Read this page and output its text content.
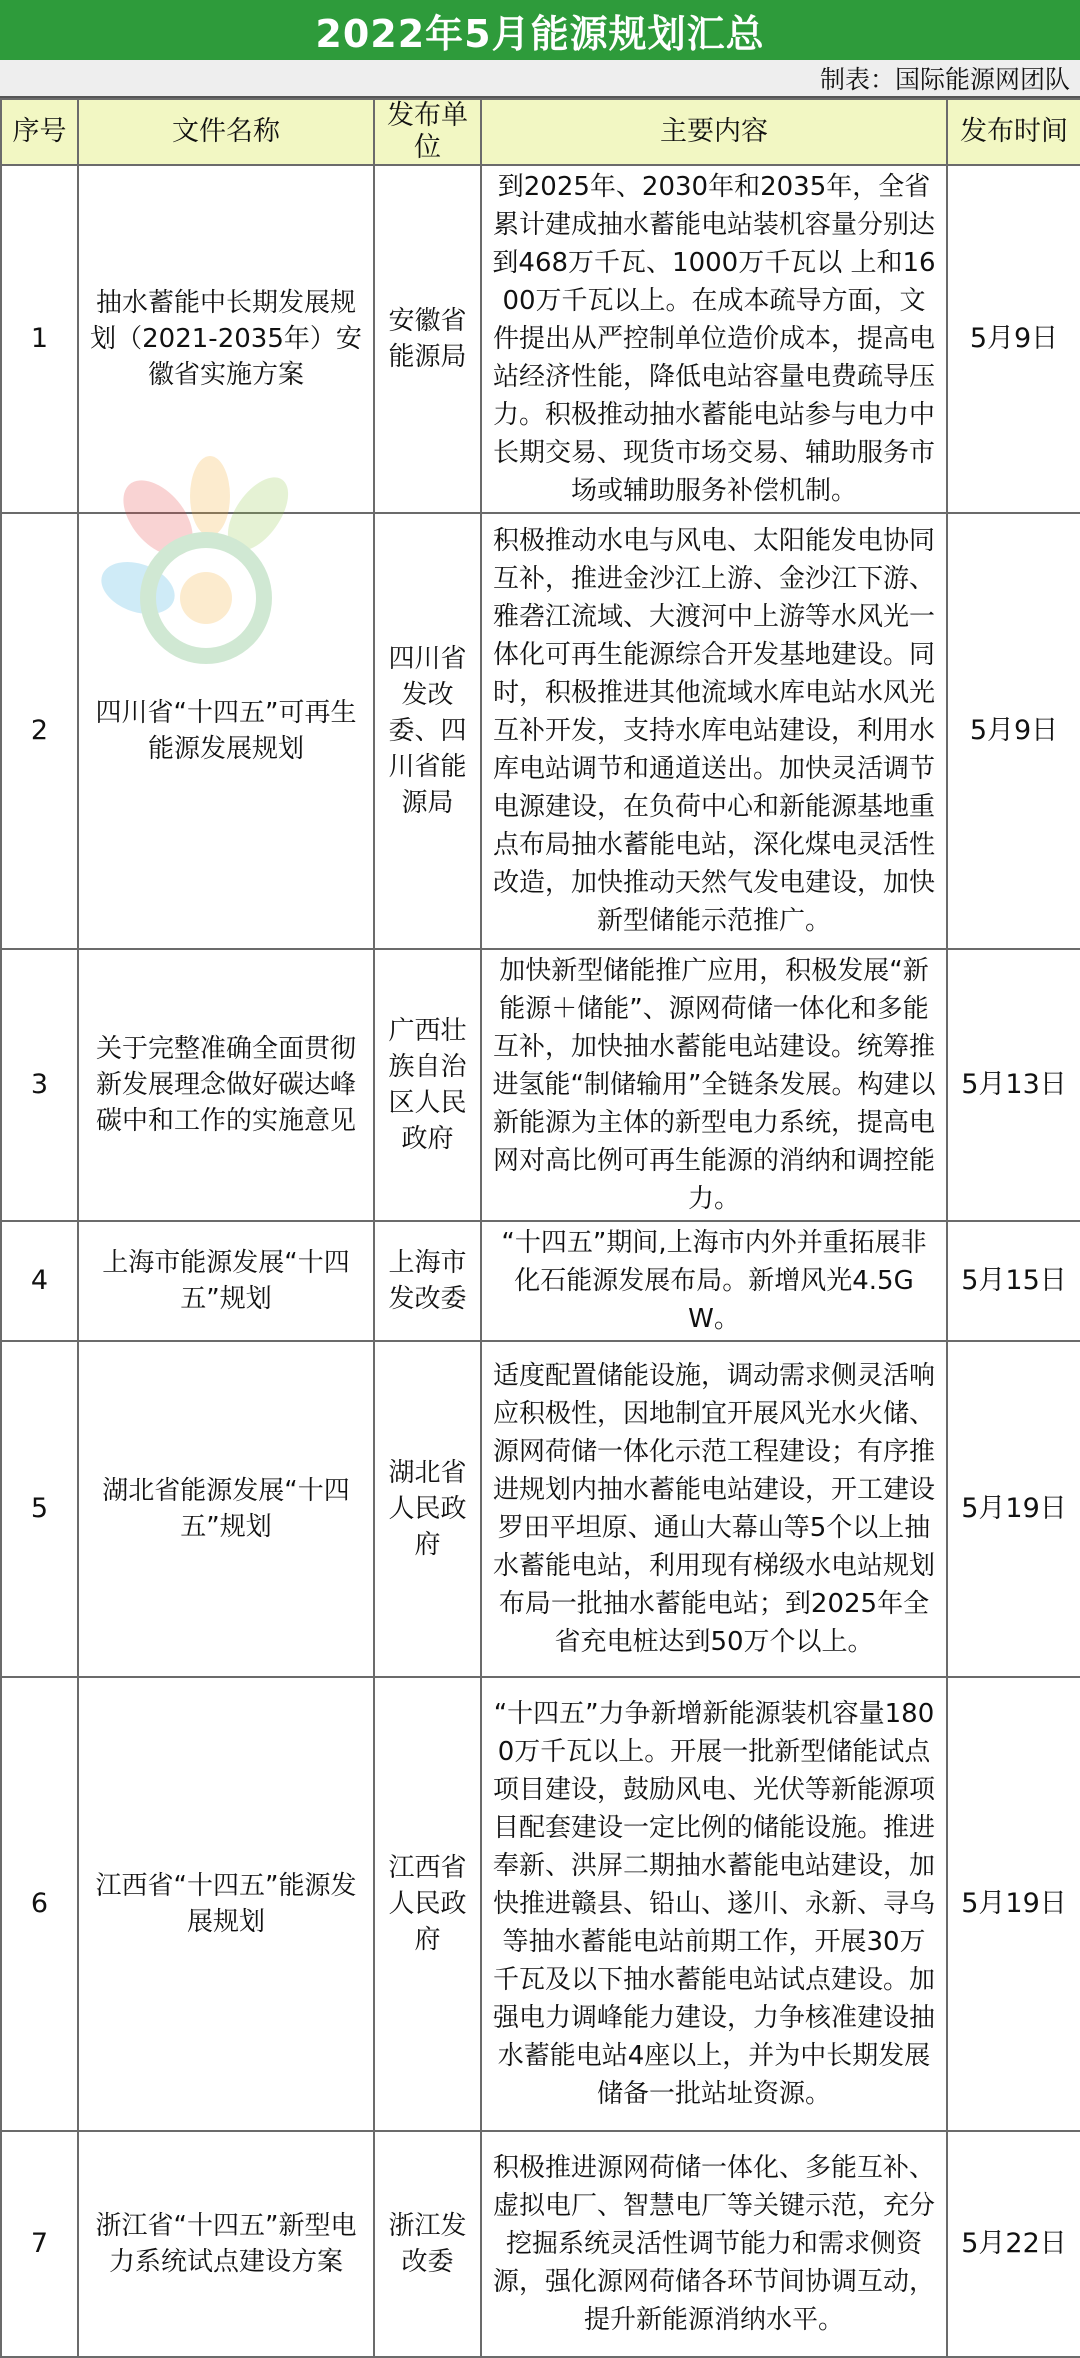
2022年5月能源规划汇总
制表：国际能源网团队
序号	文件名称	发布单位	主要内容	发布时间
1	抽水蓄能中长期发展规划（2021-2035年）安徽省实施方案	安徽省能源局	到2025年、2030年和2035年，全省累计建成抽水蓄能电站装机容量分别达到468万千瓦、1000万千瓦以 上和1600万千瓦以上。在成本疏导方面，文件提出从严控制单位造价成本，提高电站经济性能，降低电站容量电费疏导压力。积极推动抽水蓄能电站参与电力中长期交易、现货市场交易、辅助服务市场或辅助服务补偿机制。	5月9日
2	四川省“十四五”可再生能源发展规划	四川省发改委、四川省能源局	积极推动水电与风电、太阳能发电协同互补，推进金沙江上游、金沙江下游、雅砻江流域、大渡河中上游等水风光一体化可再生能源综合开发基地建设。同时，积极推进其他流域水库电站水风光互补开发，支持水库电站建设，利用水库电站调节和通道送出。加快灵活调节电源建设，在负荷中心和新能源基地重点布局抽水蓄能电站，深化煤电灵活性改造，加快推动天然气发电建设，加快新型储能示范推广。	5月9日
3	关于完整准确全面贯彻新发展理念做好碳达峰碳中和工作的实施意见	广西壮族自治区人民政府	加快新型储能推广应用，积极发展“新能源＋储能”、源网荷储一体化和多能互补，加快抽水蓄能电站建设。统筹推进氢能“制储输用”全链条发展。构建以新能源为主体的新型电力系统，提高电网对高比例可再生能源的消纳和调控能力。	5月13日
4	上海市能源发展“十四五”规划	上海市发改委	“十四五”期间,上海市内外并重拓展非化石能源发展布局。新增风光4.5GW。	5月15日
5	湖北省能源发展“十四五”规划	湖北省人民政府	适度配置储能设施，调动需求侧灵活响应积极性，因地制宜开展风光水火储、源网荷储一体化示范工程建设；有序推进规划内抽水蓄能电站建设，开工建设罗田平坦原、通山大幕山等5个以上抽水蓄能电站，利用现有梯级水电站规划布局一批抽水蓄能电站；到2025年全省充电桩达到50万个以上。	5月19日
6	江西省“十四五”能源发展规划	江西省人民政府	“十四五”力争新增新能源装机容量1800万千瓦以上。开展一批新型储能试点项目建设，鼓励风电、光伏等新能源项目配套建设一定比例的储能设施。推进奉新、洪屏二期抽水蓄能电站建设，加快推进赣县、铅山、遂川、永新、寻乌等抽水蓄能电站前期工作，开展30万千瓦及以下抽水蓄能电站试点建设。加强电力调峰能力建设，力争核准建设抽水蓄能电站4座以上，并为中长期发展储备一批站址资源。	5月19日
7	浙江省“十四五”新型电力系统试点建设方案	浙江发改委	积极推进源网荷储一体化、多能互补、虚拟电厂、智慧电厂等关键示范，充分挖掘系统灵活性调节能力和需求侧资源，强化源网荷储各环节间协调互动，提升新能源消纳水平。	5月22日
